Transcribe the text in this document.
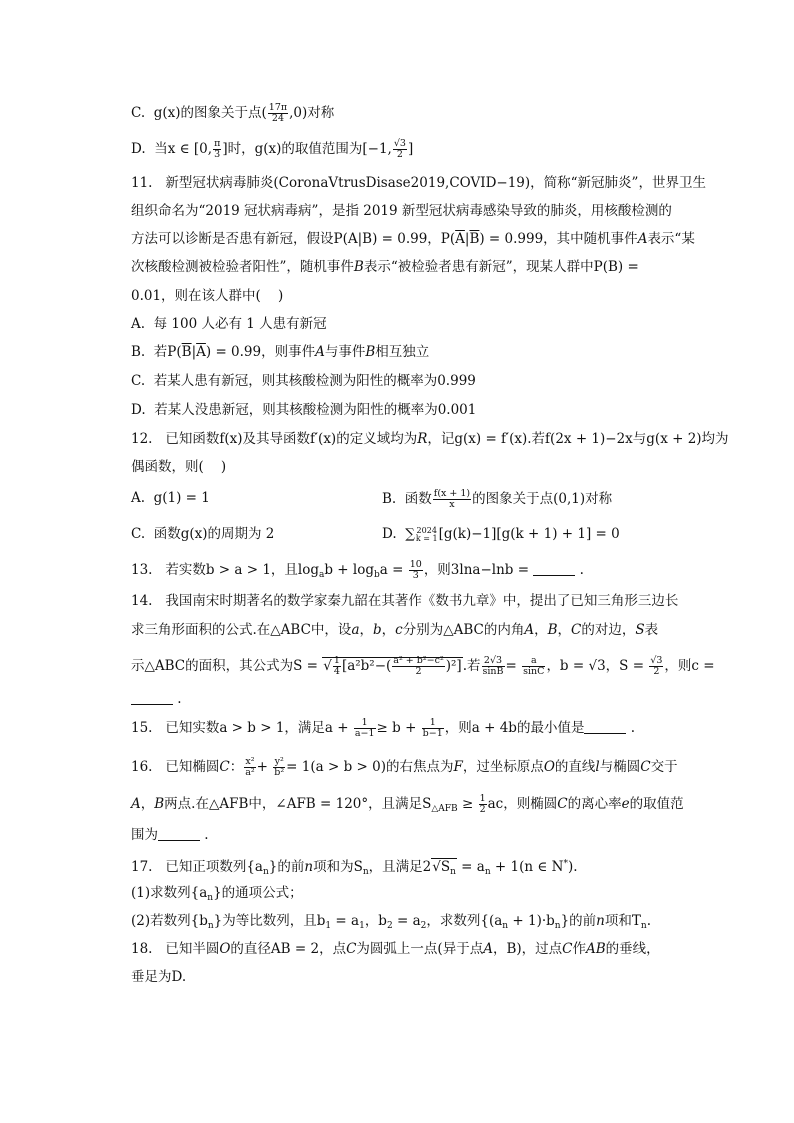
C.  g(x)的图象关于点( $\frac{17\pi}{24} ,0$)对称
D.  当x ∈ [0, $\frac{\pi}{3}$ ]时，g(x)的取值范围为[−1, $\frac{√3}{2}$ ]
11.   新型冠状病毒肺炎(CoronaVtrusDisase2019,COVID−19)，简称“新冠肺炎”，世界卫生
组织命名为“2019 冠状病毒病”，是指 2019 新型冠状病毒感染导致的肺炎，用核酸检测的
方法可以诊断是否患有新冠，假设P(A|B) = 0.99，$P(\overline{A}|\overline{B}) = 0.999$，其中随机事件A表示“某
次核酸检测被检验者阳性”，随机事件B表示“被检验者患有新冠”，现某人群中P(B) =
0.01，则在该人群中(    )
A.  每 100 人必有 1 人患有新冠
B.  若$P(\overline{B}|\overline{A}) = 0.99$，则事件A与事件B相互独立
C.  若某人患有新冠，则其核酸检测为阳性的概率为0.999
D.  若某人没患新冠，则其核酸检测为阳性的概率为0.001
12.   已知函数f(x)及其导函数f′(x)的定义域均为R，记g(x) = f′(x).若f(2x + 1)−2x与g(x + 2)均为
偶函数，则(    )
A.  g(1) = 1	B.  函数 $\frac{f(x + 1)}{x}$ 的图象关于点(0,1)对称
C.  函数g(x)的周期为 2	D.  ∑ 2024
k = 1 [g(k)−1][g(k + 1) + 1] = 0
13.   若实数b > a > 1，且$\log_ab + \log_ba = \frac{10}{3}$ ，则3lna−lnb =	.
14.   我国南宋时期著名的数学家秦九韶在其著作《数书九章》中，提出了已知三角形三边长
求三角形面积的公式.在△ABC中，设a，b，c分别为△ABC的内角A，B，C的对边，S表
示△ABC的面积，其公式为S = √ $\frac{1}{4} [a^2b^2-( \frac{\text{a² + b²−c²}}{2} )^2]$.若 $\frac{2√3}{\sin B} = \frac{a}{\sin C}$ ，b = √3，$S = \frac{√3}{2}$ ，则c =
.
15.   已知实数a > b > 1，满足$a + \frac{1}{a-1} \ge b + \frac{1}{b-1}$ ，则a + 4b的最小值是	.
16.   已知椭圆C： $\frac{\text{x²}}{\text{a²}} + \frac{\text{y²}}{\text{b²}} = 1(a > b > 0)$的右焦点为F，过坐标原点O的直线l与椭圆C交于
A，B两点.在△AFB中，∠AFB = 120°，且满足$S_{\triangle AFB} \ge \frac{1}{2}$ ac，则椭圆C的离心率e的取值范
围为	.
17.   已知正项数列$\{a_n\}$的前n项和为$S_n$，且满足$2√S_n = a_n + 1(n$ ∈ N*).
(1)求数列$\{a_n\}$的通项公式；
(2)若数列$\{b_n\}$为等比数列，且$b_1 = a_1$，$b_2 = a_2$，求数列$\{(a_n + 1)\cdot b_n\}$的前n项和$T_n$.
18.   已知半圆O的直径AB = 2，点C为圆弧上一点(异于点A，B)，过点C作AB的垂线，
垂足为D.
